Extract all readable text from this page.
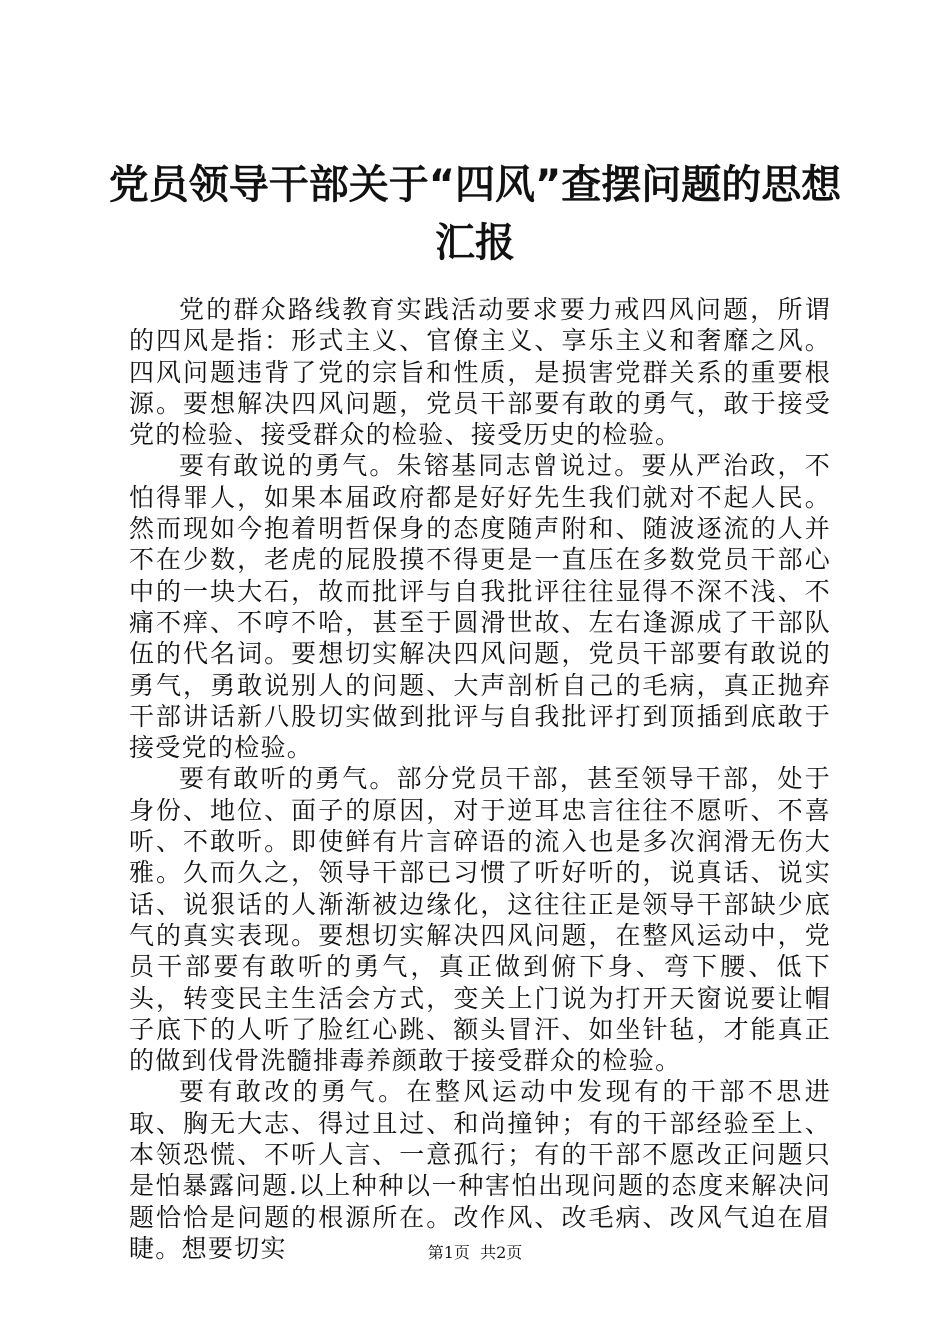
党员领导干部关于“四风”查摆问题的思想汇报

党的群众路线教育实践活动要求要力戒四风问题，所谓的四风是指：形式主义、官僚主义、享乐主义和奢靡之风。四风问题违背了党的宗旨和性质，是损害党群关系的重要根源。要想解决四风问题，党员干部要有敢的勇气，敢于接受党的检验、接受群众的检验、接受历史的检验。

要有敢说的勇气。朱镕基同志曾说过。要从严治政，不怕得罪人，如果本届政府都是好好先生我们就对不起人民。然而现如今抱着明哲保身的态度随声附和、随波逐流的人并不在少数，老虎的屁股摸不得更是一直压在多数党员干部心中的一块大石，故而批评与自我批评往往显得不深不浅、不痛不痒、不哼不哈，甚至于圆滑世故、左右逢源成了干部队伍的代名词。要想切实解决四风问题，党员干部要有敢说的勇气，勇敢说别人的问题、大声剖析自己的毛病，真正抛弃干部讲话新八股切实做到批评与自我批评打到顶插到底敢于接受党的检验。

要有敢听的勇气。部分党员干部，甚至领导干部，处于身份、地位、面子的原因，对于逆耳忠言往往不愿听、不喜听、不敢听。即使鲜有片言碎语的流入也是多次润滑无伤大雅。久而久之，领导干部已习惯了听好听的，说真话、说实话、说狠话的人渐渐被边缘化，这往往正是领导干部缺少底气的真实表现。要想切实解决四风问题，在整风运动中，党员干部要有敢听的勇气，真正做到俯下身、弯下腰、低下头，转变民主生活会方式，变关上门说为打开天窗说要让帽子底下的人听了脸红心跳、额头冒汗、如坐针毡，才能真正的做到伐骨洗髓排毒养颜敢于接受群众的检验。

要有敢改的勇气。在整风运动中发现有的干部不思进取、胸无大志、得过且过、和尚撞钟；有的干部经验至上、本领恐慌、不听人言、一意孤行；有的干部不愿改正问题只是怕暴露问题.以上种种以一种害怕出现问题的态度来解决问题恰恰是问题的根源所在。改作风、改毛病、改风气迫在眉睫。想要切实	第1页 共2页
